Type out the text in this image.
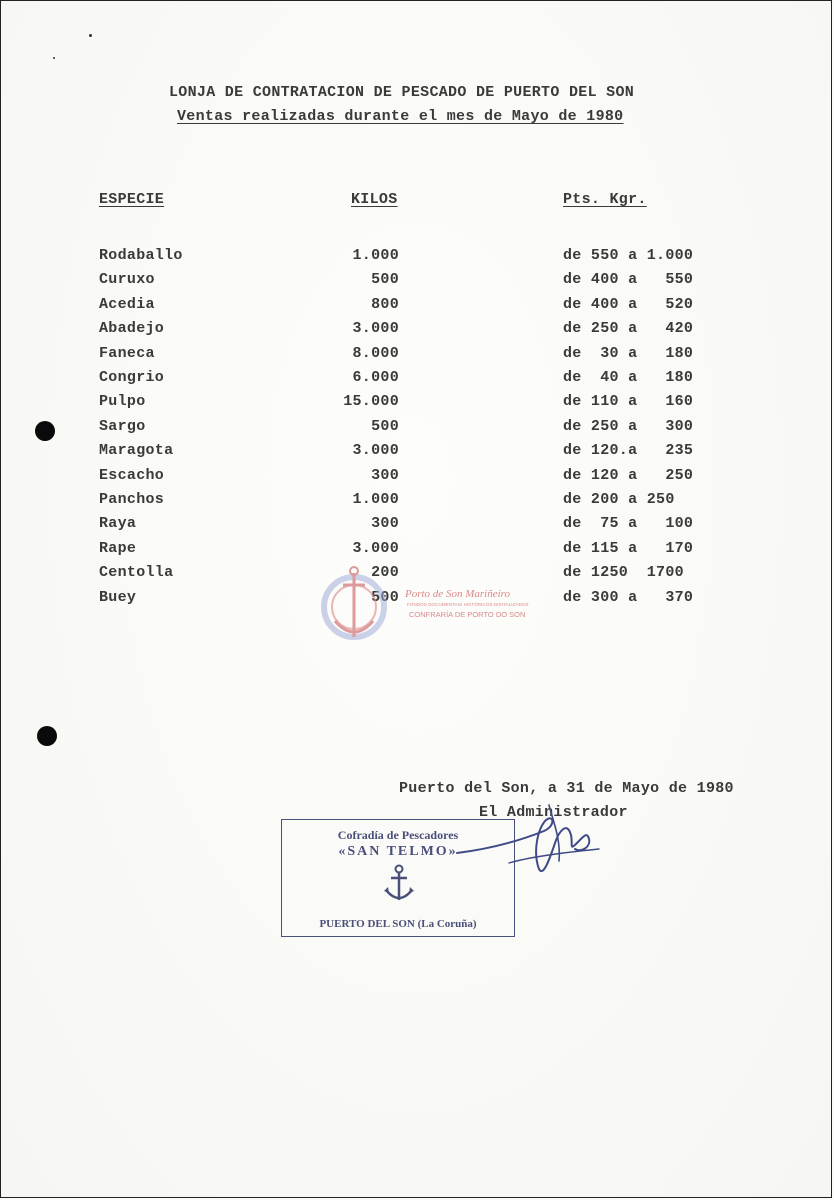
LONJA DE CONTRATACION DE PESCADO DE PUERTO DEL SON
Ventas realizadas durante el mes de Mayo de 1980
ESPECIE	KILOS	Pts. Kgr.
Rodaballo	1.000	de 550 a 1.000
Curuxo	500	de 400 a   550
Acedia	800	de 400 a   520
Abadejo	3.000	de 250 a   420
Faneca	8.000	de  30 a   180
Congrio	6.000	de  40 a   180
Pulpo	15.000	de 110 a   160
Sargo	500	de 250 a   300
Maragota	3.000	de 120.a   235
Escacho	300	de 120 a   250
Panchos	1.000	de 200 a 250
Raya	300	de  75 a   100
Rape	3.000	de 115 a   170
Centolla	200	de 1250  1700
Buey	500	de 300 a   370
Porto de Son Mariñeiro
FONDOS DOCUMENTAIS HISTÓRICOS DIXITALIZADOS
CONFRARÍA DE PORTO DO SON
Puerto del Son, a 31 de Mayo de 1980
El Administrador
Cofradía de Pescadores
«SAN TELMO»
PUERTO DEL SON (La Coruña)
